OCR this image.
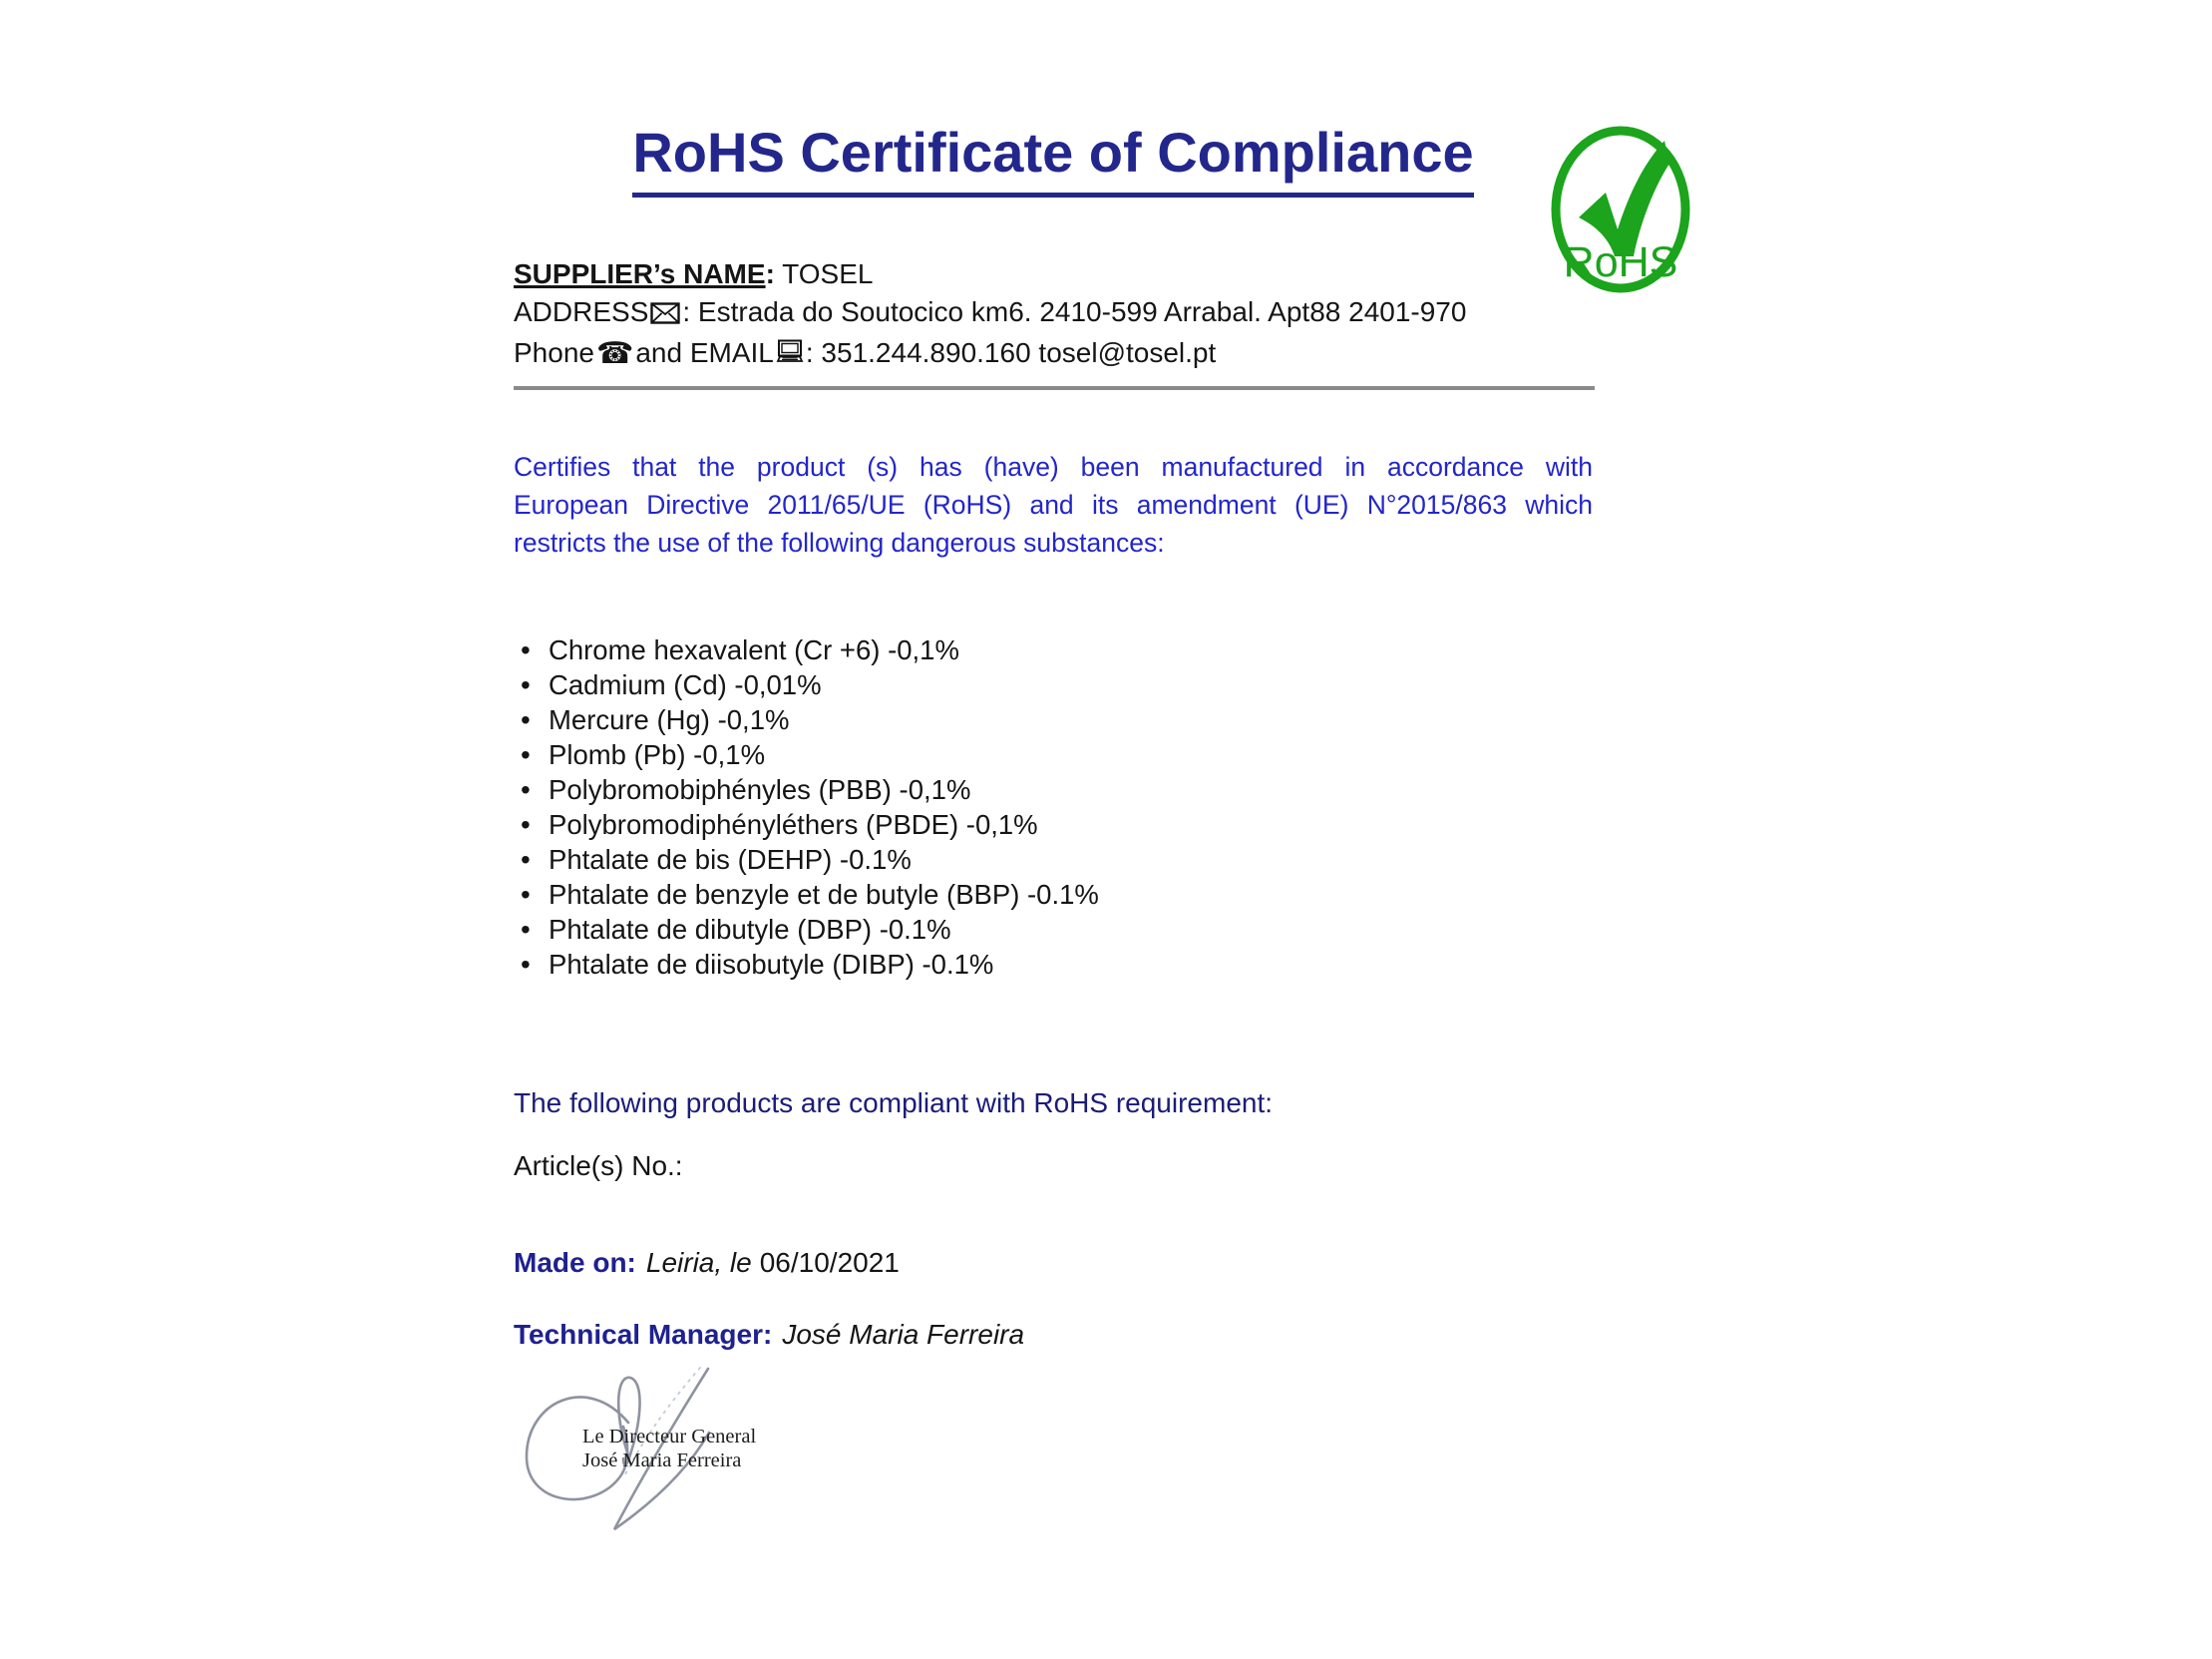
RoHS Certificate of Compliance
RoHS
SUPPLIER’s NAME: TOSEL
ADDRESS : Estrada do Soutocico km6. 2410-599 Arrabal. Apt88 2401-970
Phone☎and EMAIL : 351.244.890.160 tosel@tosel.pt
Certifies that the product (s) has (have) been manufactured in accordance with
European Directive 2011/65/UE (RoHS) and its amendment (UE) N°2015/863 which
restricts the use of the following dangerous substances:
• Chrome hexavalent (Cr +6) -0,1%
• Cadmium (Cd) -0,01%
• Mercure (Hg) -0,1%
• Plomb (Pb) -0,1%
• Polybromobiphényles (PBB) -0,1%
• Polybromodiphényléthers (PBDE) -0,1%
• Phtalate de bis (DEHP) -0.1%
• Phtalate de benzyle et de butyle (BBP) -0.1%
• Phtalate de dibutyle (DBP) -0.1%
• Phtalate de diisobutyle (DIBP) -0.1%
The following products are compliant with RoHS requirement:
Article(s) No.:
Made on: Leiria, le 06/10/2021
Technical Manager: José Maria Ferreira
Le Directeur General
José Maria Ferreira
